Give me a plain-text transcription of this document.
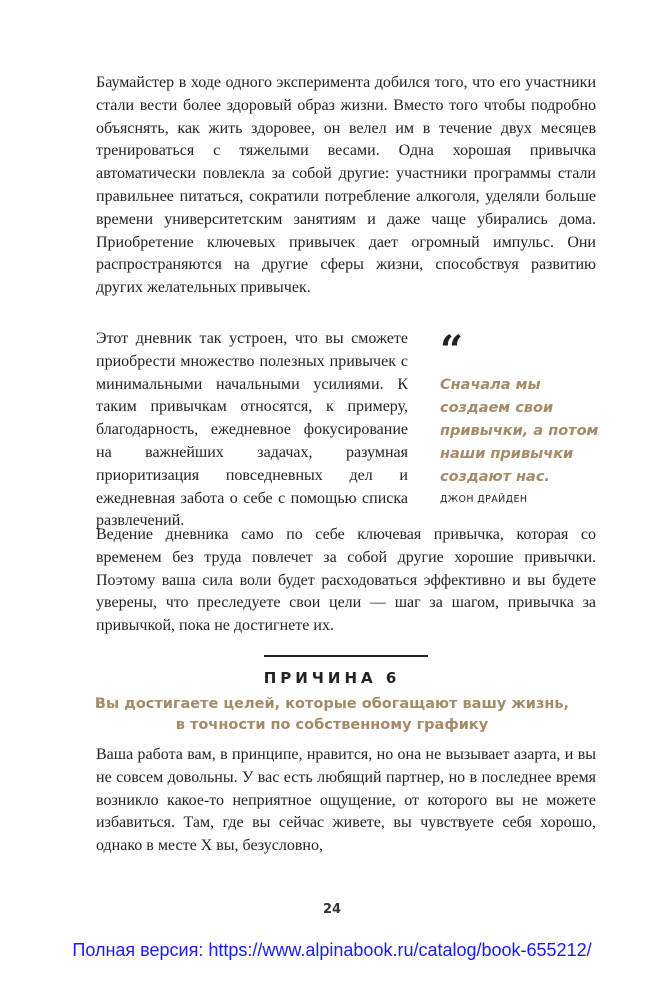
Баумайстер в ходе одного эксперимента добился того, что его участники стали вести более здоровый образ жизни. Вместо того чтобы подробно объяснять, как жить здоровее, он велел им в течение двух месяцев тренироваться с тяжелыми весами. Одна хорошая привычка автоматически повлекла за собой другие: участники программы стали правильнее питаться, сократили потребление алкоголя, уделяли больше времени университетским занятиям и даже чаще убирались дома. Приобретение ключевых привычек дает огромный импульс. Они распространяются на другие сферы жизни, способствуя развитию других желательных привычек.
Этот дневник так устроен, что вы сможете приобрести множество полезных привычек с минимальными начальными усилиями. К таким привычкам относятся, к примеру, благодарность, ежедневное фокусирование на важнейших задачах, разумная приоритизация повседневных дел и ежедневная забота о себе с помощью списка развлечений.
“
Сначала мы создаем свои привычки, а потом наши привычки создают нас.
ДЖОН ДРАЙДЕН
Ведение дневника само по себе ключевая привычка, которая со временем без труда повлечет за собой другие хорошие привычки. Поэтому ваша сила воли будет расходоваться эффективно и вы будете уверены, что преследуете свои цели — шаг за шагом, привычка за привычкой, пока не достигнете их.
ПРИЧИНА 6
Вы достигаете целей, которые обогащают вашу жизнь,
в точности по собственному графику
Ваша работа вам, в принципе, нравится, но она не вызывает азарта, и вы не совсем довольны. У вас есть любящий партнер, но в последнее время возникло какое-то неприятное ощущение, от которого вы не можете избавиться. Там, где вы сейчас живете, вы чувствуете себя хорошо, однако в месте X вы, безусловно,
24
Полная версия: https://www.alpinabook.ru/catalog/book-655212/
